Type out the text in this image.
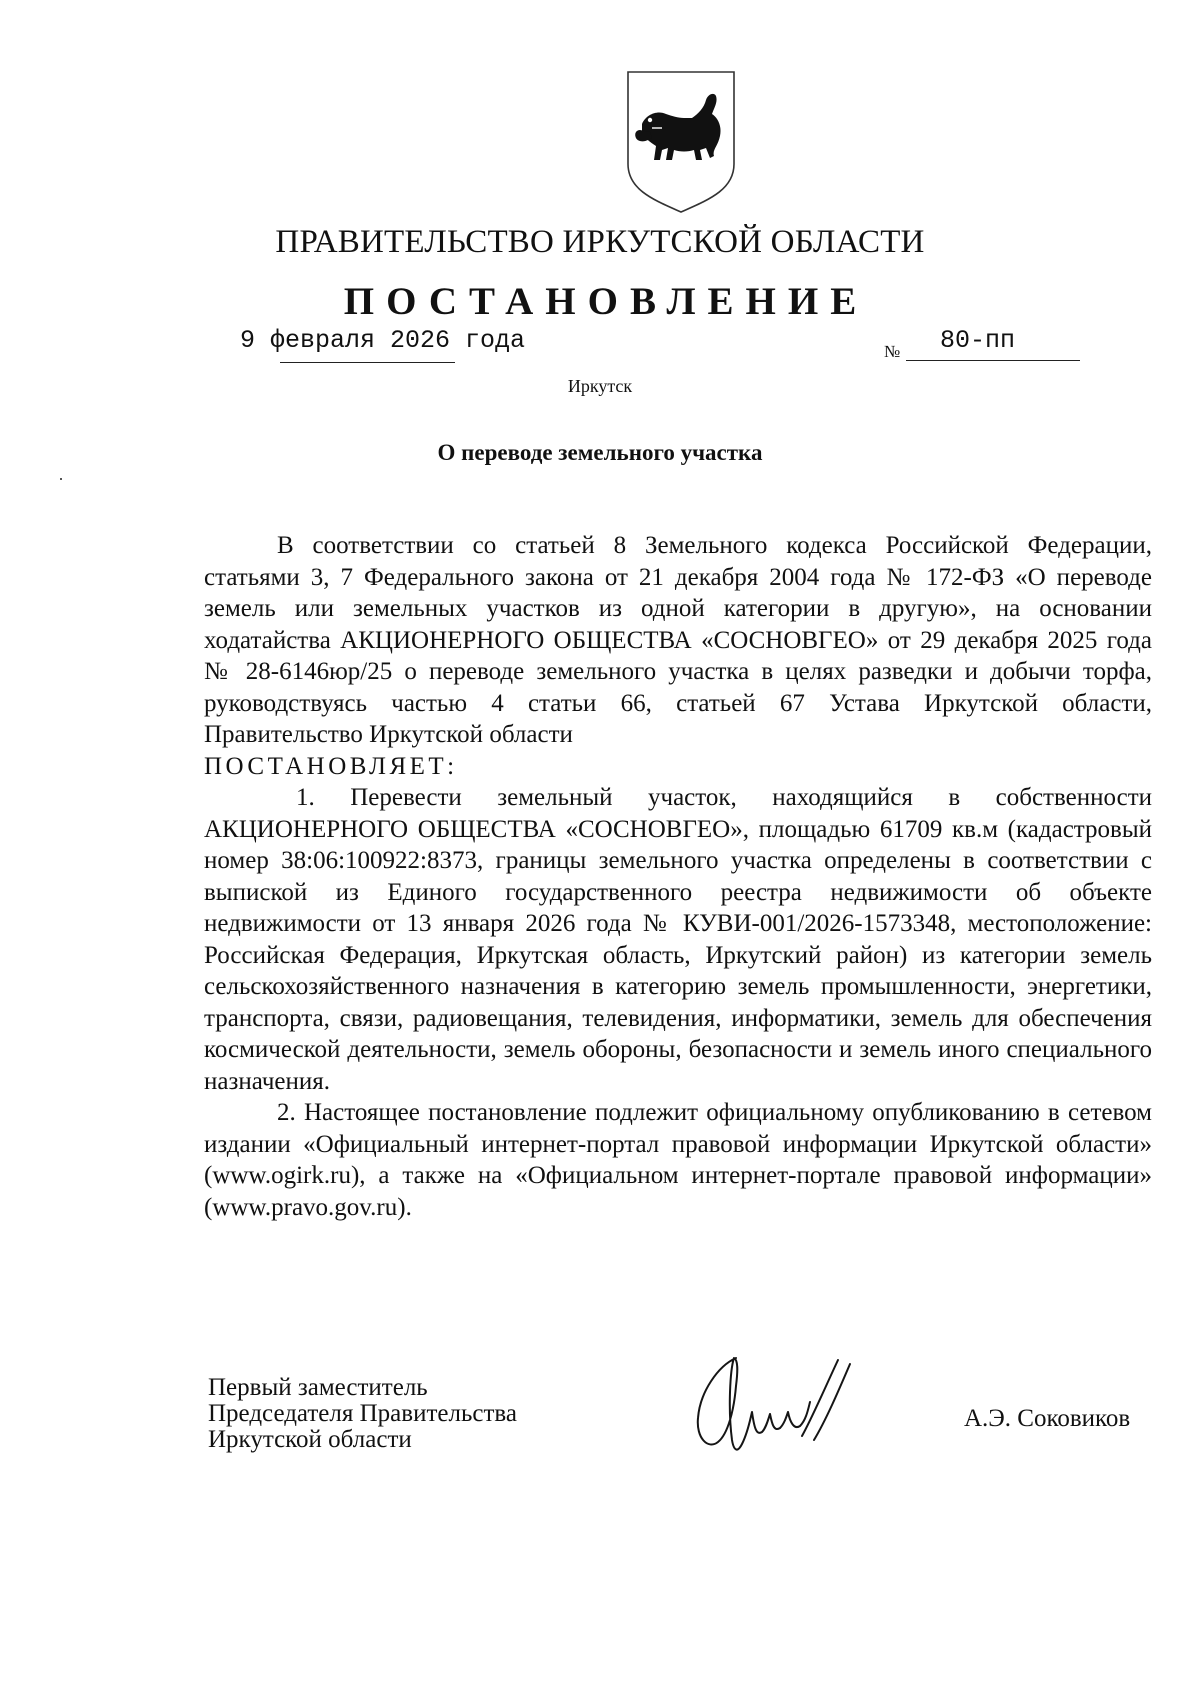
ПРАВИТЕЛЬСТВО ИРКУТСКОЙ ОБЛАСТИ
ПОСТАНОВЛЕНИЕ
9 февраля 2026 года	№ 80-пп
Иркутск
О переводе земельного участка

В соответствии со статьей 8 Земельного кодекса Российской Федерации, статьями 3, 7 Федерального закона от 21 декабря 2004 года № 172-ФЗ «О переводе земель или земельных участков из одной категории в другую», на основании ходатайства АКЦИОНЕРНОГО ОБЩЕСТВА «СОСНОВГЕО» от 29 декабря 2025 года № 28-6146юр/25 о переводе земельного участка в целях разведки и добычи торфа, руководствуясь частью 4 статьи 66, статьей 67 Устава Иркутской области, Правительство Иркутской области

ПОСТАНОВЛЯЕТ:

1. Перевести земельный участок, находящийся в собственности АКЦИОНЕРНОГО ОБЩЕСТВА «СОСНОВГЕО», площадью 61709 кв.м (кадастровый номер 38:06:100922:8373, границы земельного участка определены в соответствии с выпиской из Единого государственного реестра недвижимости об объекте недвижимости от 13 января 2026 года № КУВИ-001/2026-1573348, местоположение: Российская Федерация, Иркутская область, Иркутский район) из категории земель сельскохозяйственного назначения в категорию земель промышленности, энергетики, транспорта, связи, радиовещания, телевидения, информатики, земель для обеспечения космической деятельности, земель обороны, безопасности и земель иного специального назначения.

2. Настоящее постановление подлежит официальному опубликованию в сетевом издании «Официальный интернет-портал правовой информации Иркутской области» (www.ogirk.ru), а также на «Официальном интернет-портале правовой информации» (www.pravo.gov.ru).

Первый заместитель
Председателя Правительства
Иркутской области
А.Э. Соковиков
